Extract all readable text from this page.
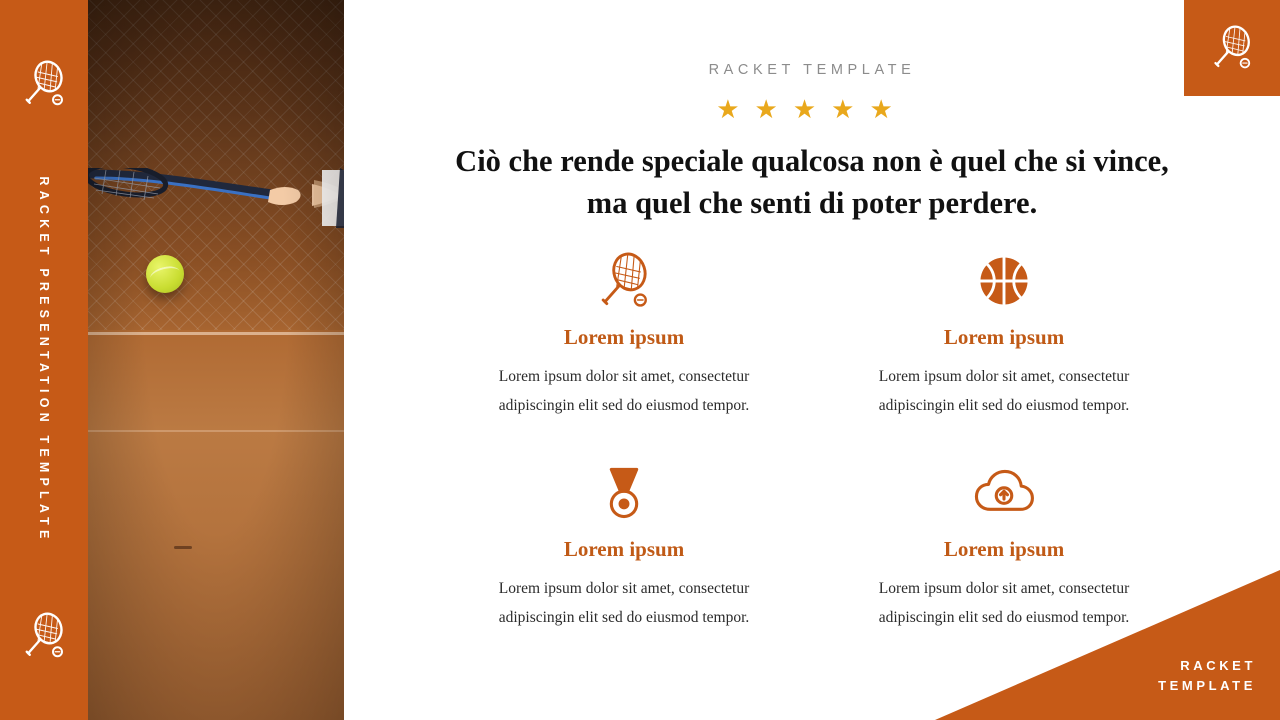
RACKET PRESENTATION TEMPLATE
RACKET
TEMPLATE
RACKET TEMPLATE
★★★★★
Ciò che rende speciale qualcosa non è quel che si vince, ma quel che senti di poter perdere.
Lorem ipsum
Lorem ipsum dolor sit amet, consectetur adipiscingin elit sed do eiusmod tempor.
Lorem ipsum
Lorem ipsum dolor sit amet, consectetur adipiscingin elit sed do eiusmod tempor.
Lorem ipsum
Lorem ipsum dolor sit amet, consectetur adipiscingin elit sed do eiusmod tempor.
Lorem ipsum
Lorem ipsum dolor sit amet, consectetur adipiscingin elit sed do eiusmod tempor.
